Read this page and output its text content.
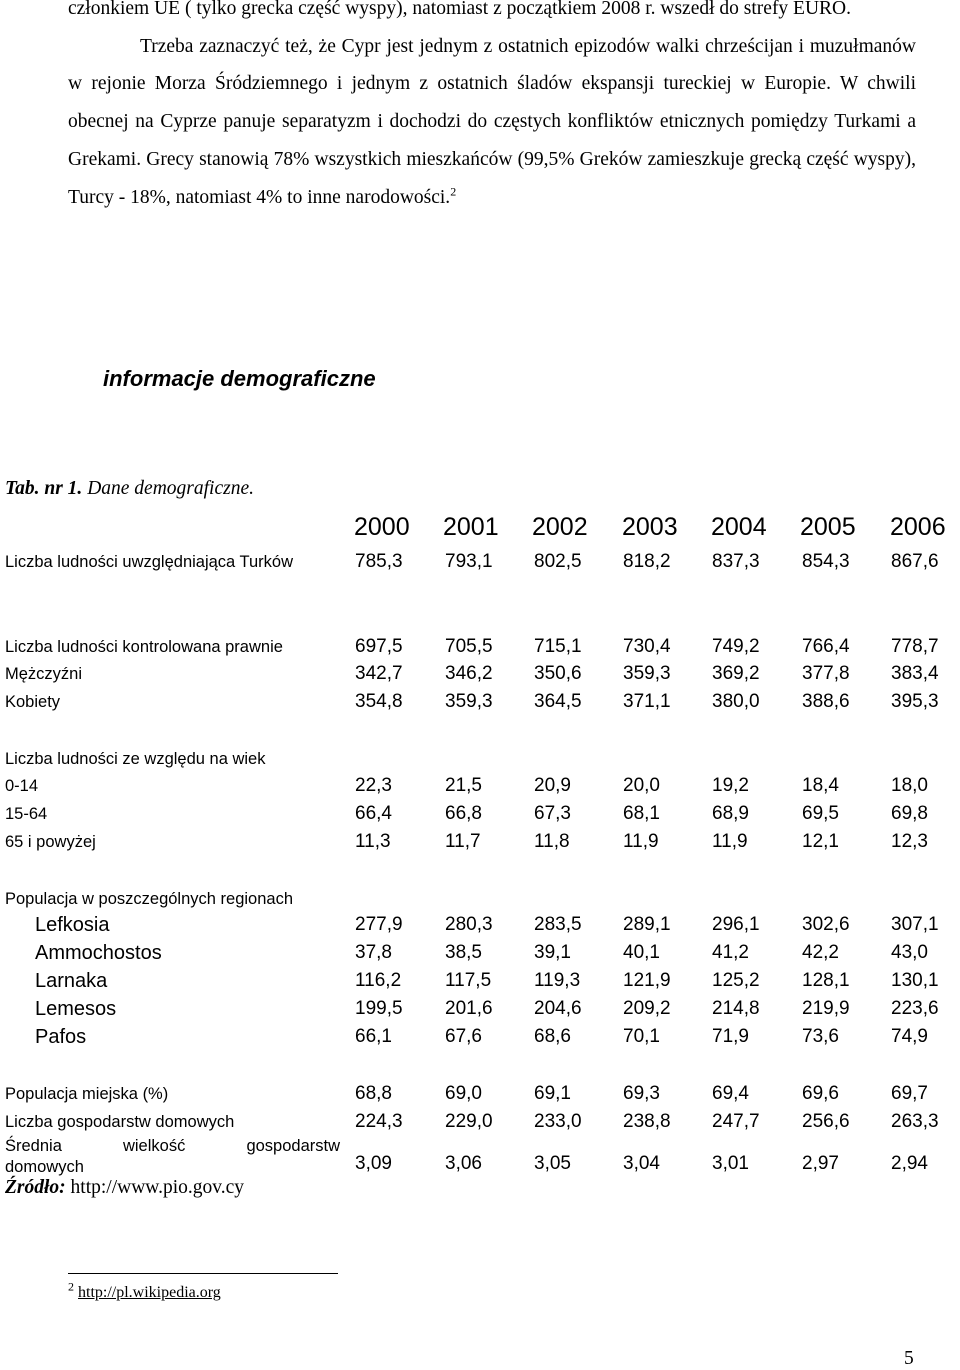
członkiem UE ( tylko grecka część wyspy), natomiast z początkiem 2008 r. wszedł do strefy EURO.

Trzeba zaznaczyć też, że Cypr jest jednym z ostatnich epizodów walki chrześcijan i muzułmanów w rejonie Morza Śródziemnego i jednym z ostatnich śladów ekspansji tureckiej w Europie. W chwili obecnej na Cyprze panuje separatyzm i dochodzi do częstych konfliktów etnicznych pomiędzy Turkami a Grekami. Grecy stanowią 78% wszystkich mieszkańców (99,5% Greków zamieszkuje grecką część wyspy), Turcy - 18%, natomiast 4% to inne narodowości.$^2$

informacje demograficzne
Tab. nr 1. Dane demograficzne.
2000 2001 2002 2003 2004 2005 2006
Liczba ludności uwzględniająca Turków	785,3 793,1 802,5 818,2 837,3 854,3 867,6
Liczba ludności kontrolowana prawnie	697,5 705,5 715,1 730,4 749,2 766,4 778,7
Mężczyźni	342,7 346,2 350,6 359,3 369,2 377,8 383,4
Kobiety	354,8 359,3 364,5 371,1 380,0 388,6 395,3
Liczba ludności ze względu na wiek
0-14	22,3	21,5	20,9	20,0	19,2	18,4	18,0
15-64	66,4	66,8	67,3	68,1	68,9	69,5	69,8
65 i powyżej	11,3	11,7	11,8	11,9	11,9	12,1	12,3
Populacja w poszczególnych regionach
Lefkosia	277,9 280,3 283,5 289,1 296,1 302,6 307,1
Ammochostos	37,8	38,5	39,1	40,1	41,2	42,2	43,0
Larnaka	116,2 117,5 119,3 121,9 125,2 128,1 130,1
Lemesos	199,5 201,6 204,6 209,2 214,8 219,9 223,6
Pafos	66,1	67,6	68,6	70,1	71,9	73,6	74,9
Populacja miejska (%)	68,8	69,0	69,1	69,3	69,4	69,6	69,7
Liczba gospodarstw domowych	224,3 229,0 233,0 238,8 247,7 256,6 263,3
Średnia wielkość gospodarstw
domowych	3,09	3,06	3,05	3,04	3,01	2,97	2,94
Źródło: http://www.pio.gov.cy
$^2$ http://pl.wikipedia.org
5
